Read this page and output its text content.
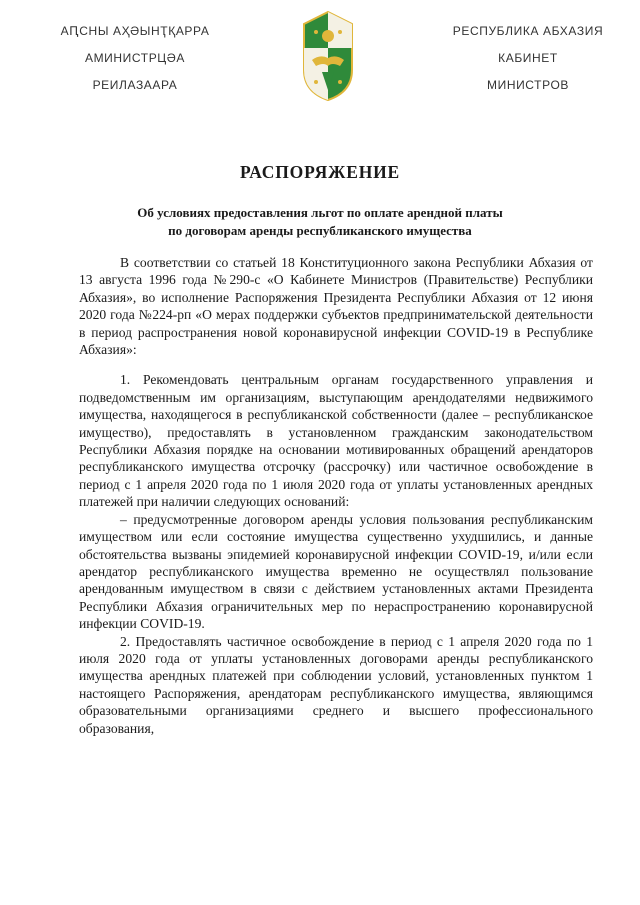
АԤСНЫ АҲӘЫНҬҚАРРА
АМИНИСТРЦӘА
РЕИЛАЗААРА
РЕСПУБЛИКА АБХАЗИЯ
КАБИНЕТ
МИНИСТРОВ
РАСПОРЯЖЕНИЕ
Об условиях предоставления льгот по оплате арендной платы
по договорам аренды республиканского имущества

В соответствии со статьей 18 Конституционного закона Республики Абхазия от 13 августа 1996 года №290-с «О Кабинете Министров (Правительстве) Республики Абхазия», во исполнение Распоряжения Президента Республики Абхазия от 12 июня 2020 года №224-рп «О мерах поддержки субъектов предпринимательской деятельности в период распространения новой коронавирусной инфекции COVID-19 в Республике Абхазия»:

1. Рекомендовать центральным органам государственного управления и подведомственным им организациям, выступающим арендодателями недвижимого имущества, находящегося в республиканской собственности (далее – республиканское имущество), предоставлять в установленном гражданским законодательством Республики Абхазия порядке на основании мотивированных обращений арендаторов республиканского имущества отсрочку (рассрочку) или частичное освобождение в период с 1 апреля 2020 года по 1 июля 2020 года от уплаты установленных арендных платежей при наличии следующих оснований:

– предусмотренные договором аренды условия пользования республиканским имуществом или если состояние имущества существенно ухудшились, и данные обстоятельства вызваны эпидемией коронавирусной инфекции COVID-19, и/или если арендатор республиканского имущества временно не осуществлял пользование арендованным имуществом в связи с действием установленных актами Президента Республики Абхазия ограничительных мер по нераспространению коронавирусной инфекции COVID-19.

2. Предоставлять частичное освобождение в период с 1 апреля 2020 года по 1 июля 2020 года от уплаты установленных договорами аренды республиканского имущества арендных платежей при соблюдении условий, установленных пунктом 1 настоящего Распоряжения, арендаторам республиканского имущества, являющимся образовательными организациями среднего и высшего профессионального образования,
